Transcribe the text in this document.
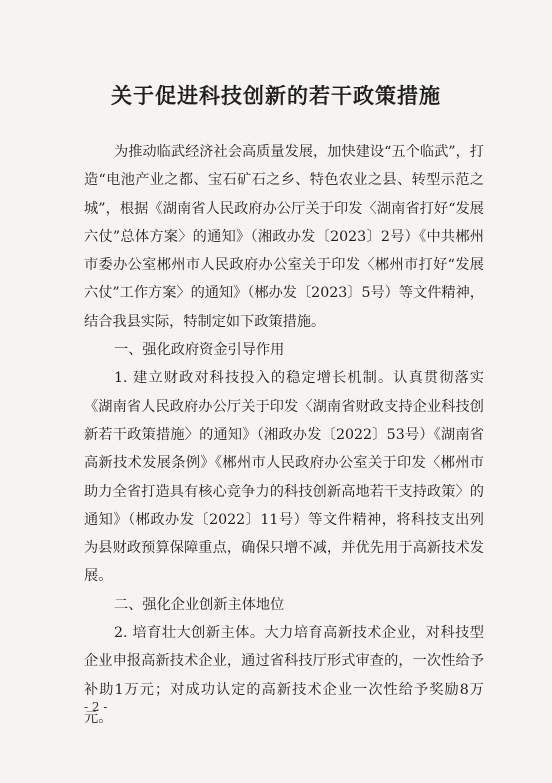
关于促进科技创新的若干政策措施

为推动临武经济社会高质量发展，加快建设“五个临武”，打造“电池产业之都、宝石矿石之乡、特色农业之县、转型示范之城”，根据《湖南省人民政府办公厅关于印发〈湖南省打好“发展六仗”总体方案〉的通知》（湘政办发〔2023〕2号）《中共郴州市委办公室郴州市人民政府办公室关于印发〈郴州市打好“发展六仗”工作方案〉的通知》（郴办发〔2023〕5号）等文件精神，结合我县实际，特制定如下政策措施。

一、强化政府资金引导作用

1. 建立财政对科技投入的稳定增长机制。认真贯彻落实《湖南省人民政府办公厅关于印发〈湖南省财政支持企业科技创新若干政策措施〉的通知》（湘政办发〔2022〕53号）《湖南省高新技术发展条例》《郴州市人民政府办公室关于印发〈郴州市助力全省打造具有核心竞争力的科技创新高地若干支持政策〉的通知》（郴政办发〔2022〕11号）等文件精神，将科技支出列为县财政预算保障重点，确保只增不减，并优先用于高新技术发展。

二、强化企业创新主体地位

2. 培育壮大创新主体。大力培育高新技术企业，对科技型企业申报高新技术企业，通过省科技厅形式审查的，一次性给予补助1万元；对成功认定的高新技术企业一次性给予奖励8万元。

- 2 -
